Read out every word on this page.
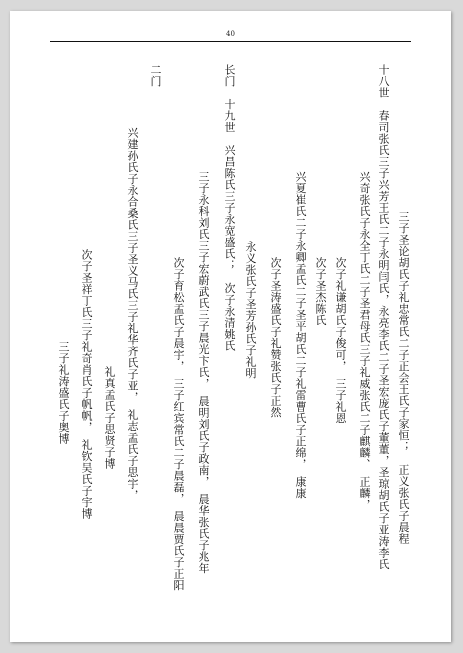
40
三子圣论胡氏子礼忠常氏二子正会王氏子家恒；　正义张氏子晨程
十八世　春司张氏三子兴芳王氏二子永明闫氏，永亮李氏二子圣宏庞氏子董董，圣琼胡氏子亚涛李氏
兴奇张氏子永全丁氏二子圣君母氏三子礼威张氏二子麒麟、　正麟，
次子礼谦胡氏子俊可，　三子礼恩
次子圣杰陈氏
兴夏崔氏二子永卿孟氏二子圣平胡氏二子礼雷曹氏子正绵，　康康
次子圣涛盛氏子礼赞张氏子正然
永义张氏子圣芳孙氏子礼明
长门　十九世　兴昌陈氏三子永宽盛氏；　次子永清姚氏
三子永科刘氏三子宏蔚武氏三子晨光卞氏，　晨明刘氏子政南，　晨华张氏子兆年
次子育松孟氏子晨宇，　三子红宾常氏二子晨磊，　晨晨贾氏子正阳
二门
兴建孙氏子永合桑氏三子圣义马氏三子礼华齐氏子亚，　礼志孟氏子思宇，
礼真孟氏子思贤子博
次子圣祥丁氏三子礼奇肖氏子帆帆，　礼钦吴氏子宇博
三子礼涛盛氏子奥博
